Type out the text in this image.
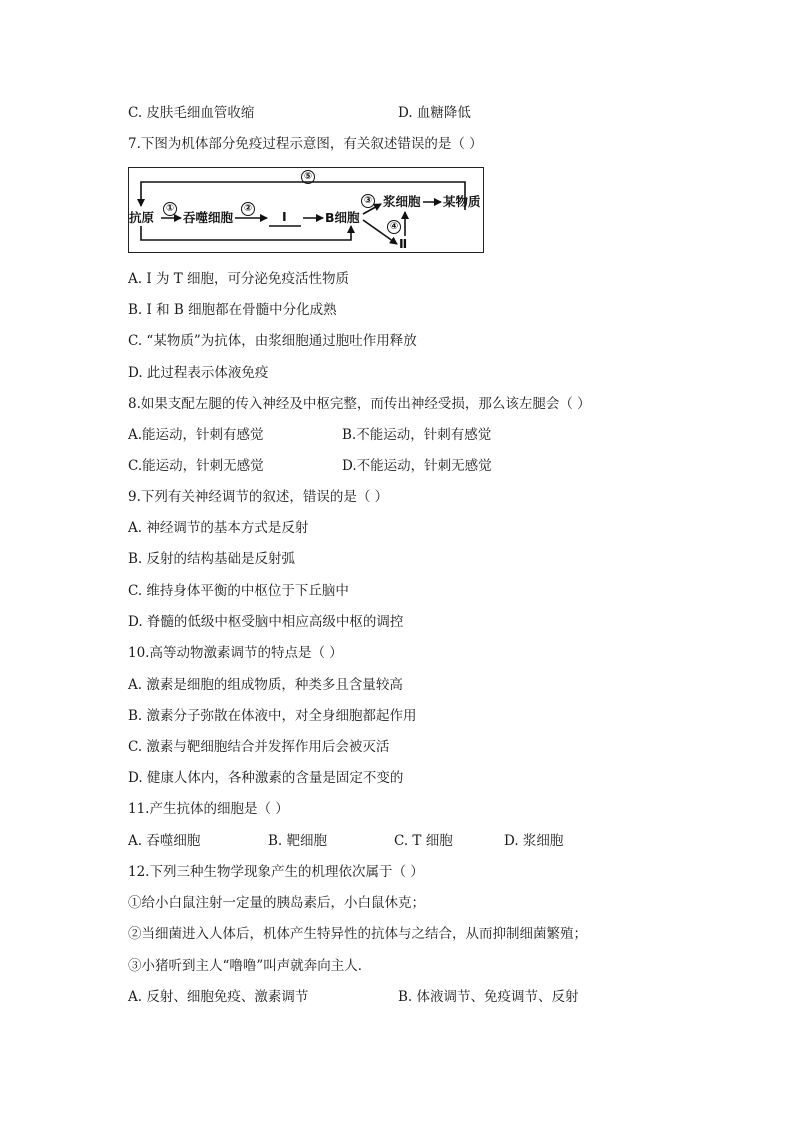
C. 皮肤毛细血管收缩	D. 血糖降低
7.下图为机体部分免疫过程示意图，有关叙述错误的是（ ）
⑤
①	②
③
④
抗原 吞噬细胞	I	B细胞
浆细胞 某物质
Ⅱ
A. I 为 T 细胞，可分泌免疫活性物质
B. I 和 B 细胞都在骨髓中分化成熟
C. “某物质”为抗体，由浆细胞通过胞吐作用释放
D. 此过程表示体液免疫
8.如果支配左腿的传入神经及中枢完整，而传出神经受损，那么该左腿会（ ）
A.能运动，针刺有感觉	B.不能运动，针刺有感觉
C.能运动，针刺无感觉	D.不能运动，针刺无感觉
9.下列有关神经调节的叙述，错误的是（ ）
A. 神经调节的基本方式是反射
B. 反射的结构基础是反射弧
C. 维持身体平衡的中枢位于下丘脑中
D. 脊髓的低级中枢受脑中相应高级中枢的调控
10.高等动物激素调节的特点是（ ）
A. 激素是细胞的组成物质，种类多且含量较高
B. 激素分子弥散在体液中，对全身细胞都起作用
C. 激素与靶细胞结合并发挥作用后会被灭活
D. 健康人体内，各种激素的含量是固定不变的
11.产生抗体的细胞是（ ）
A. 吞噬细胞	B. 靶细胞	C. T 细胞	D. 浆细胞
12.下列三种生物学现象产生的机理依次属于（ ）
①给小白鼠注射一定量的胰岛素后，小白鼠休克；
②当细菌进入人体后，机体产生特异性的抗体与之结合，从而抑制细菌繁殖；
③小猪听到主人“噜噜”叫声就奔向主人．
A. 反射、细胞免疫、激素调节	B. 体液调节、免疫调节、反射
